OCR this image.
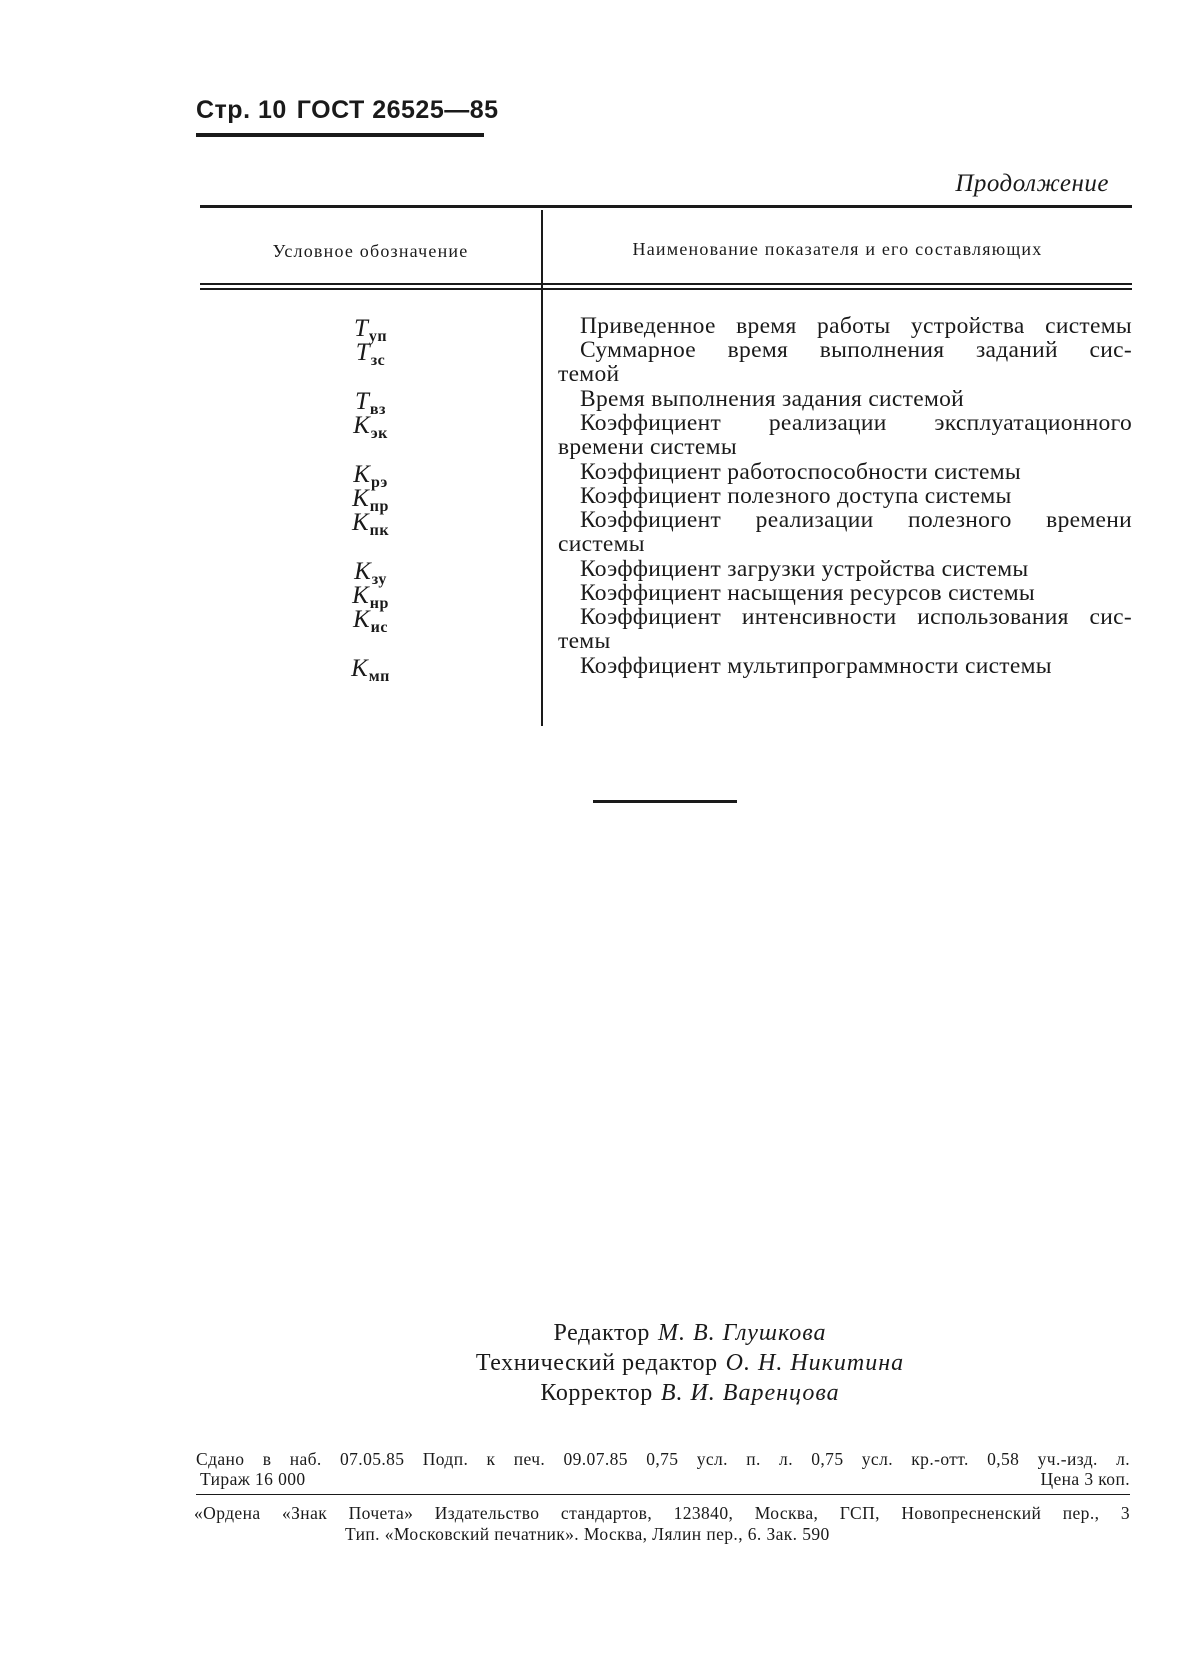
Стр. 10 ГОСТ 26525—85
Продолжение
Условное обозначение	Наименование показателя и его составляющих
$T_{уп}$	Приведенное время работы устройства системы
$T_{зс}$	Суммарное время выполнения заданий сис-
темой
$T_{вз}$	Время выполнения задания системой
$K_{эк}$	Коэффициент реализации эксплуатационного
времени системы
$K_{рэ}$	Коэффициент работоспособности системы
$K_{пр}$	Коэффициент полезного доступа системы
$K_{пк}$	Коэффициент реализации полезного времени
системы
$K_{зу}$	Коэффициент загрузки устройства системы
$K_{нр}$	Коэффициент насыщения ресурсов системы
$K_{ис}$	Коэффициент интенсивности использования сис-
темы
$K_{мп}$	Коэффициент мультипрограммности системы
Редактор М. В. Глушкова
Технический редактор О. Н. Никитина
Корректор В. И. Варенцова
Сдано в наб. 07.05.85 Подп. к печ. 09.07.85 0,75 усл. п. л. 0,75 усл. кр.-отт. 0,58 уч.-изд. л.
Тираж 16 000	Цена 3 коп.
«Ордена «Знак Почета» Издательство стандартов, 123840, Москва, ГСП, Новопресненский пер., 3
Тип. «Московский печатник». Москва, Лялин пер., 6. Зак. 590
